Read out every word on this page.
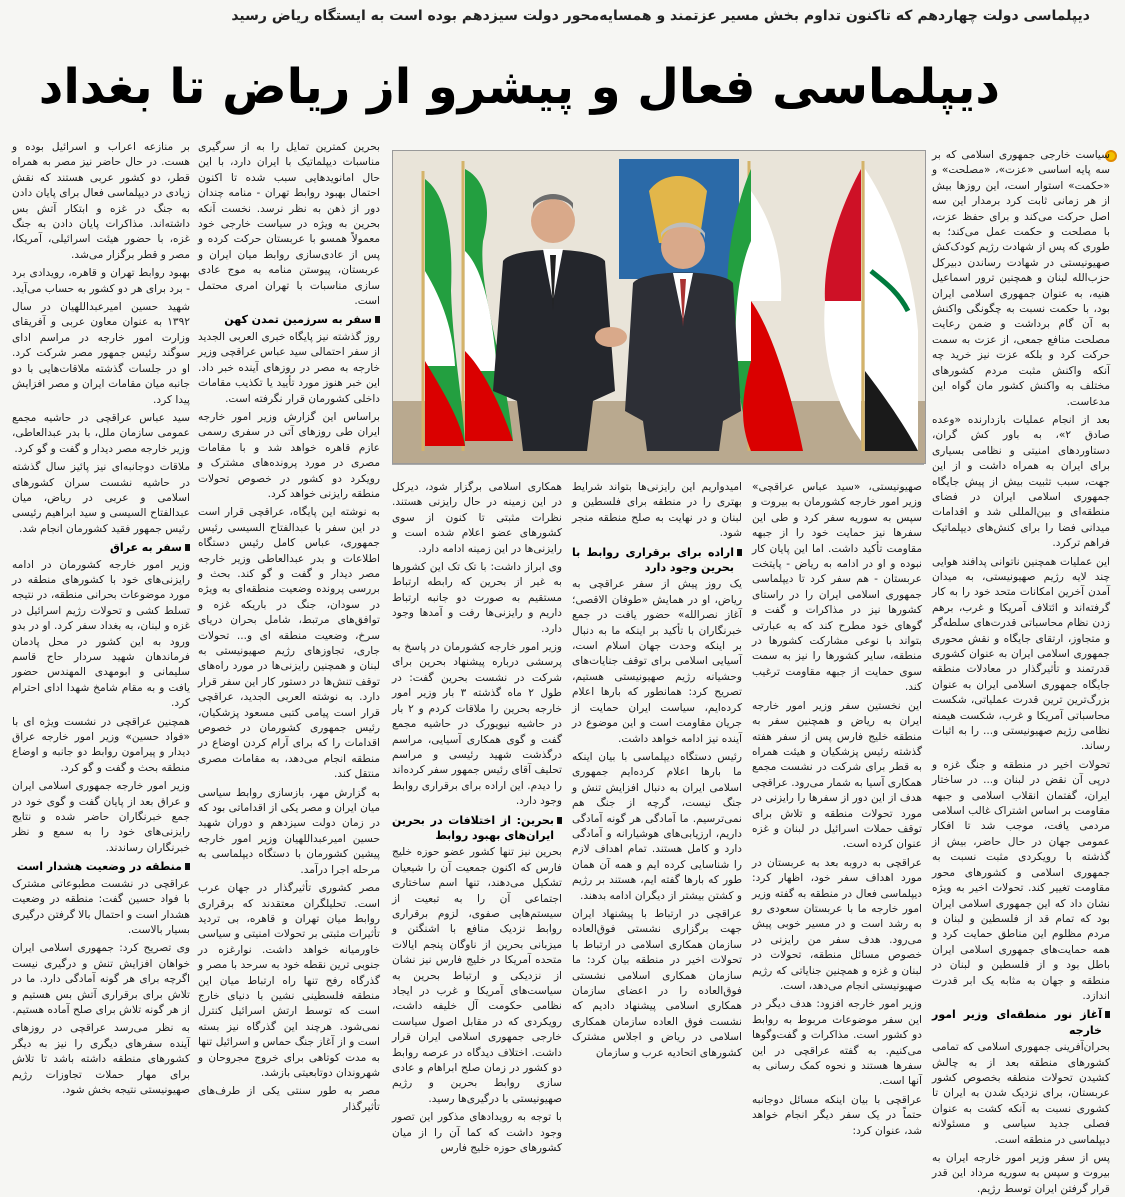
دیپلماسی دولت چهاردهم که تاکنون تداوم بخش مسیر عزتمند و همسایه‌محور دولت سیزدهم بوده است به ایستگاه ریاض رسید
دیپلماسی فعال و پیشرو از ریاض تا بغداد

سیاست خارجی جمهوری اسلامی که بر سه پایه اساسی «عزت»، «مصلحت» و «حکمت» استوار است، این روزها بیش از هر زمانی ثابت کرد برمدار این سه اصل حرکت می‌کند و برای حفظ عزت، با مصلحت و حکمت عمل می‌کند؛ به طوری که پس از شهادت رژیم کودک‌کش صهیونیستی در شهادت رساندن دبیرکل حزب‌الله لبنان و همچنین ترور اسماعیل هنیه، به‌ عنوان جمهوری اسلامی ایران بود، با حکمت نسبت به چگونگی واکنش به آن گام برداشت و ضمن رعایت مصلحت منافع جمعی، از عزت به سمت حرکت کرد و بلکه عزت نیز خرید چه آنکه واکنش مثبت مردم کشورهای مختلف به واکنش کشور مان گواه این مدعاست.

بعد از انجام عملیات بازدارنده «وعده صادق ۲»، به باور کش گران، دستاوردهای امنیتی و نظامی بسیاری برای ایران به همراه داشت و از این جهت، سبب تثبیت بیش از پیش جایگاه جمهوری اسلامی ایران در فضای منطقه‌ای و بین‌المللی شد و اقدامات میدانی فضا را برای کنش‌های دیپلماتیک فراهم ترکرد.

این عملیات همچنین ناتوانی پدافند هوایی چند لایه رژیم صهیونیستی، به میدان آمدن آخرین امکانات متحد خود را به کار گرفته‌اند و ائتلاف آمریکا و غرب، برهم زدن نظام محاسباتی قدرت‌های سلطه‌گر و متجاوز، ارتقای جایگاه و نقش محوری جمهوری اسلامی ایران به عنوان کشوری قدرتمند و تأثیرگذار در معادلات منطقه جایگاه جمهوری اسلامی ایران به عنوان بزرگ‌ترین ترین قدرت عملیاتی، شکست محاسباتی آمریکا و غرب، شکست هیمنه نظامی رژیم صهیونیستی و... را به اثبات رساند.

تحولات اخیر در منطقه و جنگ غزه و درپی آن نقض در لبنان و... در ساختار ایران، گفتمان انقلاب اسلامی و جبهه مقاومت بر اساس اشتراک غالب اسلامی مردمی یافت، موجب شد تا افکار عمومی جهان در حال حاضر، بیش از گذشته با رویکردی مثبت نسبت به جمهوری اسلامی و کشورهای محور مقاومت تغییر کند. تحولات اخیر به ویژه نشان داد که این جمهوری اسلامی ایران بود که تمام قد از فلسطین و لبنان و مردم مظلوم این مناطق حمایت کرد و همه حمایت‌های جمهوری اسلامی ایران باطل بود و از فلسطین و لبنان در منطقه و جهان به مثابه یک ابر قدرت اندازد.

آغاز نور منطقه‌ای وزیر امور خارجه

بحران‌آفرینی جمهوری اسلامی که تمامی کشورهای منطقه بعد از به چالش کشیدن تحولات منطقه بخصوص کشور عربستان، برای نزدیک شدن به ایران تا کشوری نسبت به آنکه کشت به عنوان فصلی جدید سیاسی و مسئولانه دیپلماسی در منطقه است.

پس از سفر وزیر امور خارجه ایران به بیروت و سپس به سوریه مرداد این قدر قرار گرفتن ایران توسط رژیم.

صهیونیستی، «سید عباس عراقچی» وزیر امور خارجه کشورمان به بیروت و سپس به سوریه سفر کرد و طی این سفرها نیز حمایت خود را از جبهه مقاومت تأکید داشت. اما این پایان کار نبوده و او در ادامه به ریاض - پایتخت عربستان - هم سفر کرد تا دیپلماسی جمهوری اسلامی ایران را در راستای کشورها نیز در مذاکرات و گفت و گوهای خود مطرح کند که به عبارتی بتواند با نوعی مشارکت کشورها در منطقه، سایر کشورها را نیز به سمت سوی حمایت از جبهه مقاومت ترغیب کند.

این نخستین سفر وزیر امور خارجه ایران به ریاض و همچنین سفر به منطقه خلیج فارس پس از سفر هفته گذشته رئیس پزشکیان و هیئت همراه به قطر برای شرکت در نشست مجمع همکاری آسیا به شمار می‌رود. عراقچی هدف از این دور از سفرها را رایزنی در مورد تحولات منطقه و تلاش برای توقف حملات اسرائیل در لبنان و غزه عنوان کرده است.

عراقچی به دروبه بعد به عربستان در مورد اهداف سفر خود، اظهار کرد: دیپلماسی فعال در منطقه به گفته وزیر امور خارجه ما با عربستان سعودی رو به رشد است و در مسیر خوبی پیش می‌رود. هدف سفر من رایزنی در خصوص مسائل منطقه، تحولات در لبنان و غزه و همچنین جنایاتی که رژیم صهیونیستی انجام می‌دهد، است.

وزیر امور خارجه افزود: هدف دیگر در این سفر موضوعات مربوط به روابط دو کشور است. مذاکرات و گفت‌وگوها می‌کنیم. به گفته عراقچی در این سفرها هستند و نحوه کمک رسانی به آنها است.

عراقچی با بیان اینکه مسائل دوجانبه حتماً در یک سفر دیگر انجام خواهد شد، عنوان کرد:

امیدواریم این رایزنی‌ها بتواند شرایط بهتری را در منطقه برای فلسطین و لبنان و در نهایت به صلح منطقه منجر شود.

اراده برای برقراری روابط با بحرین وجود دارد

یک روز پیش از سفر عراقچی به ریاض، او در همایش «طوفان الاقصی؛ آغاز نصرالله» حضور یافت در جمع خبرنگاران با تأکید بر اینکه ما به دنبال بر اینکه وحدت جهان اسلام است، آسیایی اسلامی برای توقف جنایات‌های وحشیانه رژیم صهیونیستی هستیم، تصریح کرد: همانطور که بارها اعلام کرده‌ایم، سیاست ایران حمایت از جریان مقاومت است و این موضوع در آینده نیز ادامه خواهد داشت.

رئیس دستگاه دیپلماسی با بیان اینکه ما بارها اعلام کرده‌ایم جمهوری اسلامی ایران به دنبال افزایش تنش و جنگ نیست، گرچه از جنگ هم نمی‌ترسیم. ما آمادگی هر گونه آمادگی داریم، ارزیابی‌های هوشیارانه و آمادگی دارد و کامل هستند. تمام اهداف لازم را شناسایی کرده ایم و همه آن همان طور که بارها گفته ایم، هستند بر رژیم و کشتن بیشتر از دیگران ادامه بدهند.

عراقچی در ارتباط با پیشنهاد ایران جهت برگزاری نشستی فوق‌العاده سازمان همکاری اسلامی در ارتباط با تحولات اخیر در منطقه بیان کرد: ما سازمان همکاری اسلامی نشستی فوق‌العاده را در اعضای سازمان همکاری اسلامی پیشنهاد دادیم که نشست فوق العاده سازمان همکاری اسلامی در ریاض و اجلاس مشترک کشورهای اتحادیه عرب و سازمان

همکاری اسلامی برگزار شود، دیرکل در این زمینه در حال رایزنی هستند. نظرات مثبتی تا کنون از سوی کشورهای عضو اعلام شده است و رایزنی‌ها در این زمینه ادامه دارد.

وی ابراز داشت: با تک تک این کشورها به غیر از بحرین که رابطه ارتباط مستقیم به صورت دو جانبه ارتباط داریم و رایزنی‌ها رفت و آمدها وجود دارد.

وزیر امور خارجه کشورمان در پاسخ به پرسشی درباره پیشنهاد بحرین برای شرکت در نشست بحرین گفت: در طول ۲ ماه گذشته ۳ بار وزیر امور خارجه بحرین را ملاقات کردم و ۲ بار در حاشیه نیویورک در حاشیه مجمع گفت و گوی همکاری آسیایی، مراسم درگذشت شهید رئیسی و مراسم تحلیف آقای رئیس جمهور سفر کرده‌اند را دیدم. این اراده برای برقراری روابط وجود دارد.

بحرین: از اختلافات در بحرین ایران‌های بهبود روابط

بحرین نیز تنها کشور عضو حوزه خلیج فارس که اکنون جمعیت آن را شیعیان تشکیل می‌دهند، تنها اسم ساختاری اجتماعی آن را به تبعیت از سیستم‌هایی صفوی، لزوم برقراری روابط نزدیک منافع با اشنگتن و میزبانی بحرین از ناوگان پنجم ایالات متحده آمریکا در خلیج فارس نیز نشان از نزدیکی و ارتباط بحرین به سیاست‌های آمریکا و غرب در ایجاد نظامی حکومت آل خلیفه داشت، رویکردی که در مقابل اصول سیاست خارجی جمهوری اسلامی ایران قرار داشت. اختلاف دیدگاه در عرصه روابط دو کشور در زمان صلح ابراهام و عادی سازی روابط بحرین و رژیم صهیونیستی با درگیری‌ها رسید.

با توجه به رویدادهای مذکور این تصور وجود داشت که کما آن را از میان کشورهای حوزه خلیج فارس

بحرین کمترین تمایل را به از سرگیری مناسبات دیپلماتیک با ایران دارد، با این حال امانویدهایی سبب شده تا اکنون احتمال بهبود روابط تهران - منامه چندان دور از ذهن به نظر نرسد. نخست آنکه بحرین به ویژه در سیاست خارجی خود معمولاً همسو با عربستان حرکت کرده و پس از عادی‌سازی روابط میان ایران و عربستان، پیوستن منامه به موج عادی سازی مناسبات با تهران امری محتمل است.

سفر به سرزمین تمدن کهن

روز گذشته نیز پایگاه خبری العربی الجدید از سفر احتمالی سید عباس عراقچی وزیر خارجه به مصر در روزهای آینده خبر داد. این خبر هنوز مورد تأیید یا تکذیب مقامات داخلی کشورمان قرار نگرفته است.

براساس این گزارش وزیر امور خارجه ایران طی روزهای آتی در سفری رسمی عازم قاهره خواهد شد و با مقامات مصری در مورد پرونده‌های مشترک و رویکرد دو کشور در خصوص تحولات منطقه رایزنی خواهد کرد.

به نوشته این پایگاه، عراقچی قرار است در این سفر با عبدالفتاح السیسی رئیس جمهوری، عباس کامل رئیس دستگاه اطلاعات و بدر عبدالعاطی وزیر خارجه مصر دیدار و گفت و گو کند. بحث و بررسی پرونده وضعیت منطقه‌ای به ویژه در سودان، جنگ در باریکه غزه و توافق‌های مرتبط، شامل بحران دریای سرخ، وضعیت منطقه ای و... تحولات جاری، تجاوزهای رژیم صهیونیستی به لبنان و همچنین رایزنی‌ها در مورد راه‌های توقف تنش‌ها در دستور کار این سفر قرار دارد. به نوشته العربی الجدید، عراقچی قرار است پیامی کتبی مسعود پزشکیان، رئیس جمهوری کشورمان در خصوص اقدامات را که برای آرام کردن اوضاع در منطقه انجام می‌دهد، به مقامات مصری منتقل کند.

به گزارش مهر، بازسازی روابط سیاسی میان ایران و مصر یکی از اقداماتی بود که در زمان دولت سیزدهم و دوران شهید حسین امیرعبداللهیان وزیر امور خارجه پیشین کشورمان با دستگاه دیپلماسی به مرحله اجرا درآمد.

مصر کشوری تأثیرگذار در جهان عرب است. تحلیلگران معتقدند که برقراری روابط میان تهران و قاهره، بی تردید تأثیرات مثبتی بر تحولات امنیتی و سیاسی خاورمیانه خواهد داشت. نوارغزه در جنوبی ترین نقطه خود به سرحد با مصر و گذرگاه رفح تنها راه ارتباط میان این منطقه فلسطینی نشین با دنیای خارج است که توسط ارتش اسرائیل کنترل نمی‌شود. هرچند این گذرگاه نیز بسته است و از آغاز جنگ حماس و اسرائیل تنها به مدت کوتاهی برای خروج مجروحان و شهروندان دوتابعیتی بازشد.

مصر به طور سنتی یکی از طرف‌های تأثیرگذار

بر منازعه اعراب و اسرائیل بوده و هست. در حال حاضر نیز مصر به همراه قطر، دو کشور عربی هستند که نقش زیادی در دیپلماسی فعال برای پایان دادن به جنگ در غزه و ابتکار آتش بس داشته‌اند. مذاکرات پایان دادن به جنگ غزه، با حضور هیئت اسرائیلی، آمریکا، مصر و قطر برگزار می‌شد.

بهبود روابط تهران و قاهره، رویدادی برد - برد برای هر دو کشور به حساب می‌آید.

شهید حسین امیرعبداللهیان در سال ۱۳۹۲ به عنوان معاون عربی و آفریقای وزارت امور خارجه در مراسم ادای سوگند رئیس جمهور مصر شرکت کرد. او در جلسات گذشته ملاقات‌هایی با دو جانبه میان مقامات ایران و مصر افزایش پیدا کرد.

سید عباس عراقچی در حاشیه مجمع عمومی سازمان ملل، با بدر عبدالعاطی، وزیر خارجه مصر دیدار و گفت و گو کرد.

ملاقات دوجانبه‌ای نیز پائیز سال گذشته در حاشیه نشست سران کشورهای اسلامی و عربی در ریاض، میان عبدالفتاح السیسی و سید ابراهیم رئیسی رئیس جمهور فقید کشورمان انجام شد.

سفر به عراق

وزیر امور خارجه کشورمان در ادامه رایزنی‌های خود با کشورهای منطقه در مورد موضوعات بحرانی منطقه، در نتیجه تسلط کشی و تحولات رژیم اسرائیل در غزه و لبنان، به بغداد سفر کرد. او در بدو ورود به این کشور در محل پادمان فرماندهان شهید سردار حاج قاسم سلیمانی و ابومهدی المهندس حضور یافت و به مقام شامخ شهدا ادای احترام کرد.

همچنین عراقچی در نشست ویژه ای با «فواد حسین» وزیر امور خارجه عراق دیدار و پیرامون روابط دو جانبه و اوضاع منطقه بحث و گفت و گو کرد.

وزیر امور خارجه جمهوری اسلامی ایران و عراق بعد از پایان گفت و گوی خود در جمع خبرنگاران حاضر شده و نتایج رایزنی‌های خود را به سمع و نظر خبرنگاران رساندند.

منطقه در وضعیت هشدار است

عراقچی در نشست مطبوعاتی مشترک با فواد حسین گفت: منطقه در وضعیت هشدار است و احتمال بالا گرفتن درگیری بسیار بالاست.

وی تصریح کرد: جمهوری اسلامی ایران خواهان افزایش تنش و درگیری نیست اگرچه برای هر گونه آمادگی دارد. ما در تلاش برای برقراری آتش بس هستیم و از هر گونه تلاش برای صلح آماده هستیم.

به نظر می‌رسد عراقچی در روزهای آینده سفرهای دیگری را نیز به دیگر کشورهای منطقه داشته باشد تا تلاش برای مهار حملات تجاوزات رژیم صهیونیستی نتیجه بخش شود.
